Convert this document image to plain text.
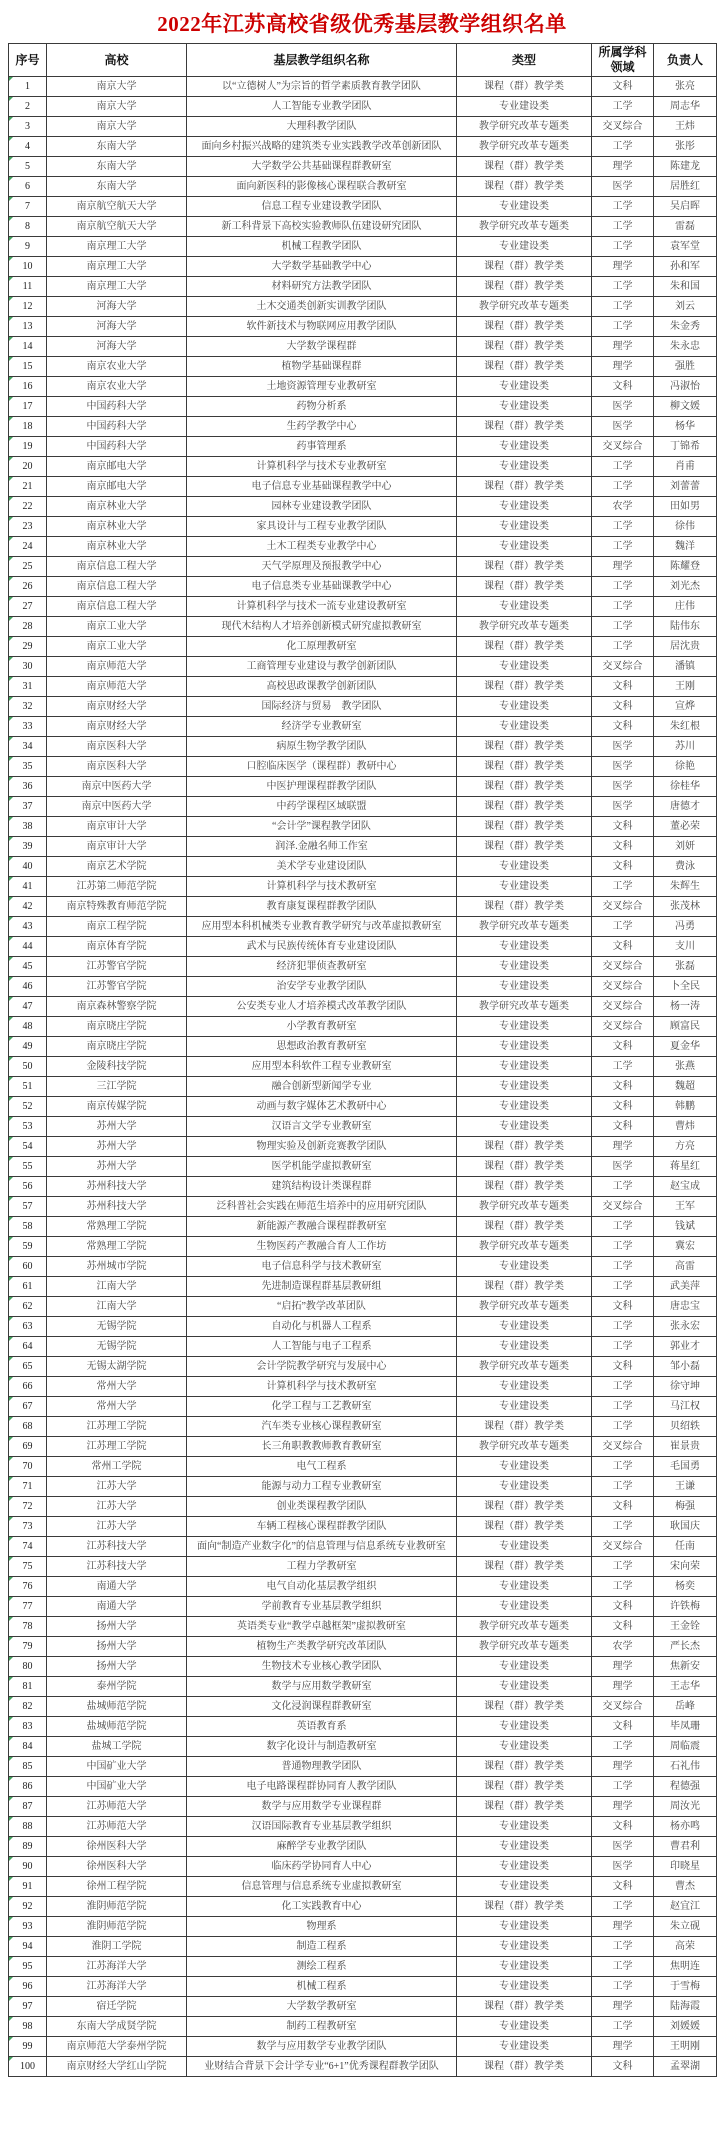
2022年江苏高校省级优秀基层教学组织名单
序号	高校	基层教学组织名称	类型	所属学科领域	负责人
1	南京大学	以“立德树人”为宗旨的哲学素质教育教学团队	课程（群）教学类	文科	张亮
2	南京大学	人工智能专业教学团队	专业建设类	工学	周志华
3	南京大学	大理科教学团队	教学研究改革专题类	交叉综合	王炜
4	东南大学	面向乡村振兴战略的建筑类专业实践教学改革创新团队	教学研究改革专题类	工学	张彤
5	东南大学	大学数学公共基础课程群教研室	课程（群）教学类	理学	陈建龙
6	东南大学	面向新医科的影像核心课程联合教研室	课程（群）教学类	医学	居胜红
7	南京航空航天大学	信息工程专业建设教学团队	专业建设类	工学	吴启晖
8	南京航空航天大学	新工科背景下高校实验教师队伍建设研究团队	教学研究改革专题类	工学	雷磊
9	南京理工大学	机械工程教学团队	专业建设类	工学	袁军堂
10	南京理工大学	大学数学基础教学中心	课程（群）教学类	理学	孙和军
11	南京理工大学	材料研究方法教学团队	课程（群）教学类	工学	朱和国
12	河海大学	土木交通类创新实训教学团队	教学研究改革专题类	工学	刘云
13	河海大学	软件新技术与物联网应用教学团队	课程（群）教学类	工学	朱金秀
14	河海大学	大学数学课程群	课程（群）教学类	理学	朱永忠
15	南京农业大学	植物学基础课程群	课程（群）教学类	理学	强胜
16	南京农业大学	土地资源管理专业教研室	专业建设类	文科	冯淑怡
17	中国药科大学	药物分析系	专业建设类	医学	柳文媛
18	中国药科大学	生药学教学中心	课程（群）教学类	医学	杨华
19	中国药科大学	药事管理系	专业建设类	交叉综合	丁锦希
20	南京邮电大学	计算机科学与技术专业教研室	专业建设类	工学	肖甫
21	南京邮电大学	电子信息专业基础课程教学中心	课程（群）教学类	工学	刘蕾蕾
22	南京林业大学	园林专业建设教学团队	专业建设类	农学	田如男
23	南京林业大学	家具设计与工程专业教学团队	专业建设类	工学	徐伟
24	南京林业大学	土木工程类专业教学中心	专业建设类	工学	魏洋
25	南京信息工程大学	天气学原理及预报教学中心	课程（群）教学类	理学	陈耀登
26	南京信息工程大学	电子信息类专业基础课教学中心	课程（群）教学类	工学	刘光杰
27	南京信息工程大学	计算机科学与技术一流专业建设教研室	专业建设类	工学	庄伟
28	南京工业大学	现代木结构人才培养创新模式研究虚拟教研室	教学研究改革专题类	工学	陆伟东
29	南京工业大学	化工原理教研室	课程（群）教学类	工学	居沈贵
30	南京师范大学	工商管理专业建设与教学创新团队	专业建设类	交叉综合	潘镇
31	南京师范大学	高校思政课教学创新团队	课程（群）教学类	文科	王刚
32	南京财经大学	国际经济与贸易　教学团队	专业建设类	文科	宣烨
33	南京财经大学	经济学专业教研室	专业建设类	文科	朱红根
34	南京医科大学	病原生物学教学团队	课程（群）教学类	医学	苏川
35	南京医科大学	口腔临床医学（课程群）教研中心	课程（群）教学类	医学	徐艳
36	南京中医药大学	中医护理课程群教学团队	课程（群）教学类	医学	徐桂华
37	南京中医药大学	中药学课程区域联盟	课程（群）教学类	医学	唐德才
38	南京审计大学	“会计学”课程教学团队	课程（群）教学类	文科	董必荣
39	南京审计大学	润泽.金融名师工作室	课程（群）教学类	文科	刘妍
40	南京艺术学院	美术学专业建设团队	专业建设类	文科	费泳
41	江苏第二师范学院	计算机科学与技术教研室	专业建设类	工学	朱辉生
42	南京特殊教育师范学院	教育康复课程群教学团队	课程（群）教学类	交叉综合	张茂林
43	南京工程学院	应用型本科机械类专业教育教学研究与改革虚拟教研室	教学研究改革专题类	工学	冯勇
44	南京体育学院	武术与民族传统体育专业建设团队	专业建设类	文科	支川
45	江苏警官学院	经济犯罪侦查教研室	专业建设类	交叉综合	张磊
46	江苏警官学院	治安学专业教学团队	专业建设类	交叉综合	卜全民
47	南京森林警察学院	公安类专业人才培养模式改革教学团队	教学研究改革专题类	交叉综合	杨一涛
48	南京晓庄学院	小学教育教研室	专业建设类	交叉综合	顾富民
49	南京晓庄学院	思想政治教育教研室	专业建设类	文科	夏金华
50	金陵科技学院	应用型本科软件工程专业教研室	专业建设类	工学	张燕
51	三江学院	融合创新型新闻学专业	专业建设类	文科	魏超
52	南京传媒学院	动画与数字媒体艺术教研中心	专业建设类	文科	韩鹏
53	苏州大学	汉语言文学专业教研室	专业建设类	文科	曹炜
54	苏州大学	物理实验及创新竞赛教学团队	课程（群）教学类	理学	方亮
55	苏州大学	医学机能学虚拟教研室	课程（群）教学类	医学	蒋星红
56	苏州科技大学	建筑结构设计类课程群	课程（群）教学类	工学	赵宝成
57	苏州科技大学	泛科普社会实践在师范生培养中的应用研究团队	教学研究改革专题类	交叉综合	王军
58	常熟理工学院	新能源产教融合课程群教研室	课程（群）教学类	工学	钱斌
59	常熟理工学院	生物医药产教融合育人工作坊	教学研究改革专题类	工学	冀宏
60	苏州城市学院	电子信息科学与技术教研室	专业建设类	工学	高雷
61	江南大学	先进制造课程群基层教研组	课程（群）教学类	工学	武美萍
62	江南大学	“启拓”教学改革团队	教学研究改革专题类	文科	唐忠宝
63	无锡学院	自动化与机器人工程系	专业建设类	工学	张永宏
64	无锡学院	人工智能与电子工程系	专业建设类	工学	郭业才
65	无锡太湖学院	会计学院教学研究与发展中心	教学研究改革专题类	文科	邹小磊
66	常州大学	计算机科学与技术教研室	专业建设类	工学	徐守坤
67	常州大学	化学工程与工艺教研室	专业建设类	工学	马江权
68	江苏理工学院	汽车类专业核心课程教研室	课程（群）教学类	工学	贝绍轶
69	江苏理工学院	长三角职教教师教育教研室	教学研究改革专题类	交叉综合	崔景贵
70	常州工学院	电气工程系	专业建设类	工学	毛国勇
71	江苏大学	能源与动力工程专业教研室	专业建设类	工学	王谦
72	江苏大学	创业类课程教学团队	课程（群）教学类	文科	梅强
73	江苏大学	车辆工程核心课程群教学团队	课程（群）教学类	工学	耿国庆
74	江苏科技大学	面向“制造产业数字化”的信息管理与信息系统专业教研室	专业建设类	交叉综合	任南
75	江苏科技大学	工程力学教研室	课程（群）教学类	工学	宋向荣
76	南通大学	电气自动化基层教学组织	专业建设类	工学	杨奕
77	南通大学	学前教育专业基层教学组织	专业建设类	文科	许铁梅
78	扬州大学	英语类专业“教学卓越框架”虚拟教研室	教学研究改革专题类	文科	王金铨
79	扬州大学	植物生产类教学研究改革团队	教学研究改革专题类	农学	严长杰
80	扬州大学	生物技术专业核心教学团队	专业建设类	理学	焦新安
81	泰州学院	数学与应用数学教研室	专业建设类	理学	王志华
82	盐城师范学院	文化浸润课程群教研室	课程（群）教学类	交叉综合	岳峰
83	盐城师范学院	英语教育系	专业建设类	文科	毕凤珊
84	盐城工学院	数字化设计与制造教研室	专业建设类	工学	周临震
85	中国矿业大学	普通物理教学团队	课程（群）教学类	理学	石礼伟
86	中国矿业大学	电子电路课程群协同育人教学团队	课程（群）教学类	工学	程德强
87	江苏师范大学	数学与应用数学专业课程群	课程（群）教学类	理学	周汝光
88	江苏师范大学	汉语国际教育专业基层教学组织	专业建设类	文科	杨亦鸣
89	徐州医科大学	麻醉学专业教学团队	专业建设类	医学	曹君利
90	徐州医科大学	临床药学协同育人中心	专业建设类	医学	印晓星
91	徐州工程学院	信息管理与信息系统专业虚拟教研室	专业建设类	文科	曹杰
92	淮阴师范学院	化工实践教育中心	课程（群）教学类	工学	赵宜江
93	淮阴师范学院	物理系	专业建设类	理学	朱立砚
94	淮阴工学院	制造工程系	专业建设类	工学	高荣
95	江苏海洋大学	测绘工程系	专业建设类	工学	焦明连
96	江苏海洋大学	机械工程系	专业建设类	工学	于雪梅
97	宿迁学院	大学数学教研室	课程（群）教学类	理学	陆海霞
98	东南大学成贤学院	制药工程教研室	专业建设类	工学	刘媛媛
99	南京师范大学泰州学院	数学与应用数学专业教学团队	专业建设类	理学	王明刚
100	南京财经大学红山学院	业财结合背景下会计学专业“6+1”优秀课程群教学团队	课程（群）教学类	文科	孟翠湖
